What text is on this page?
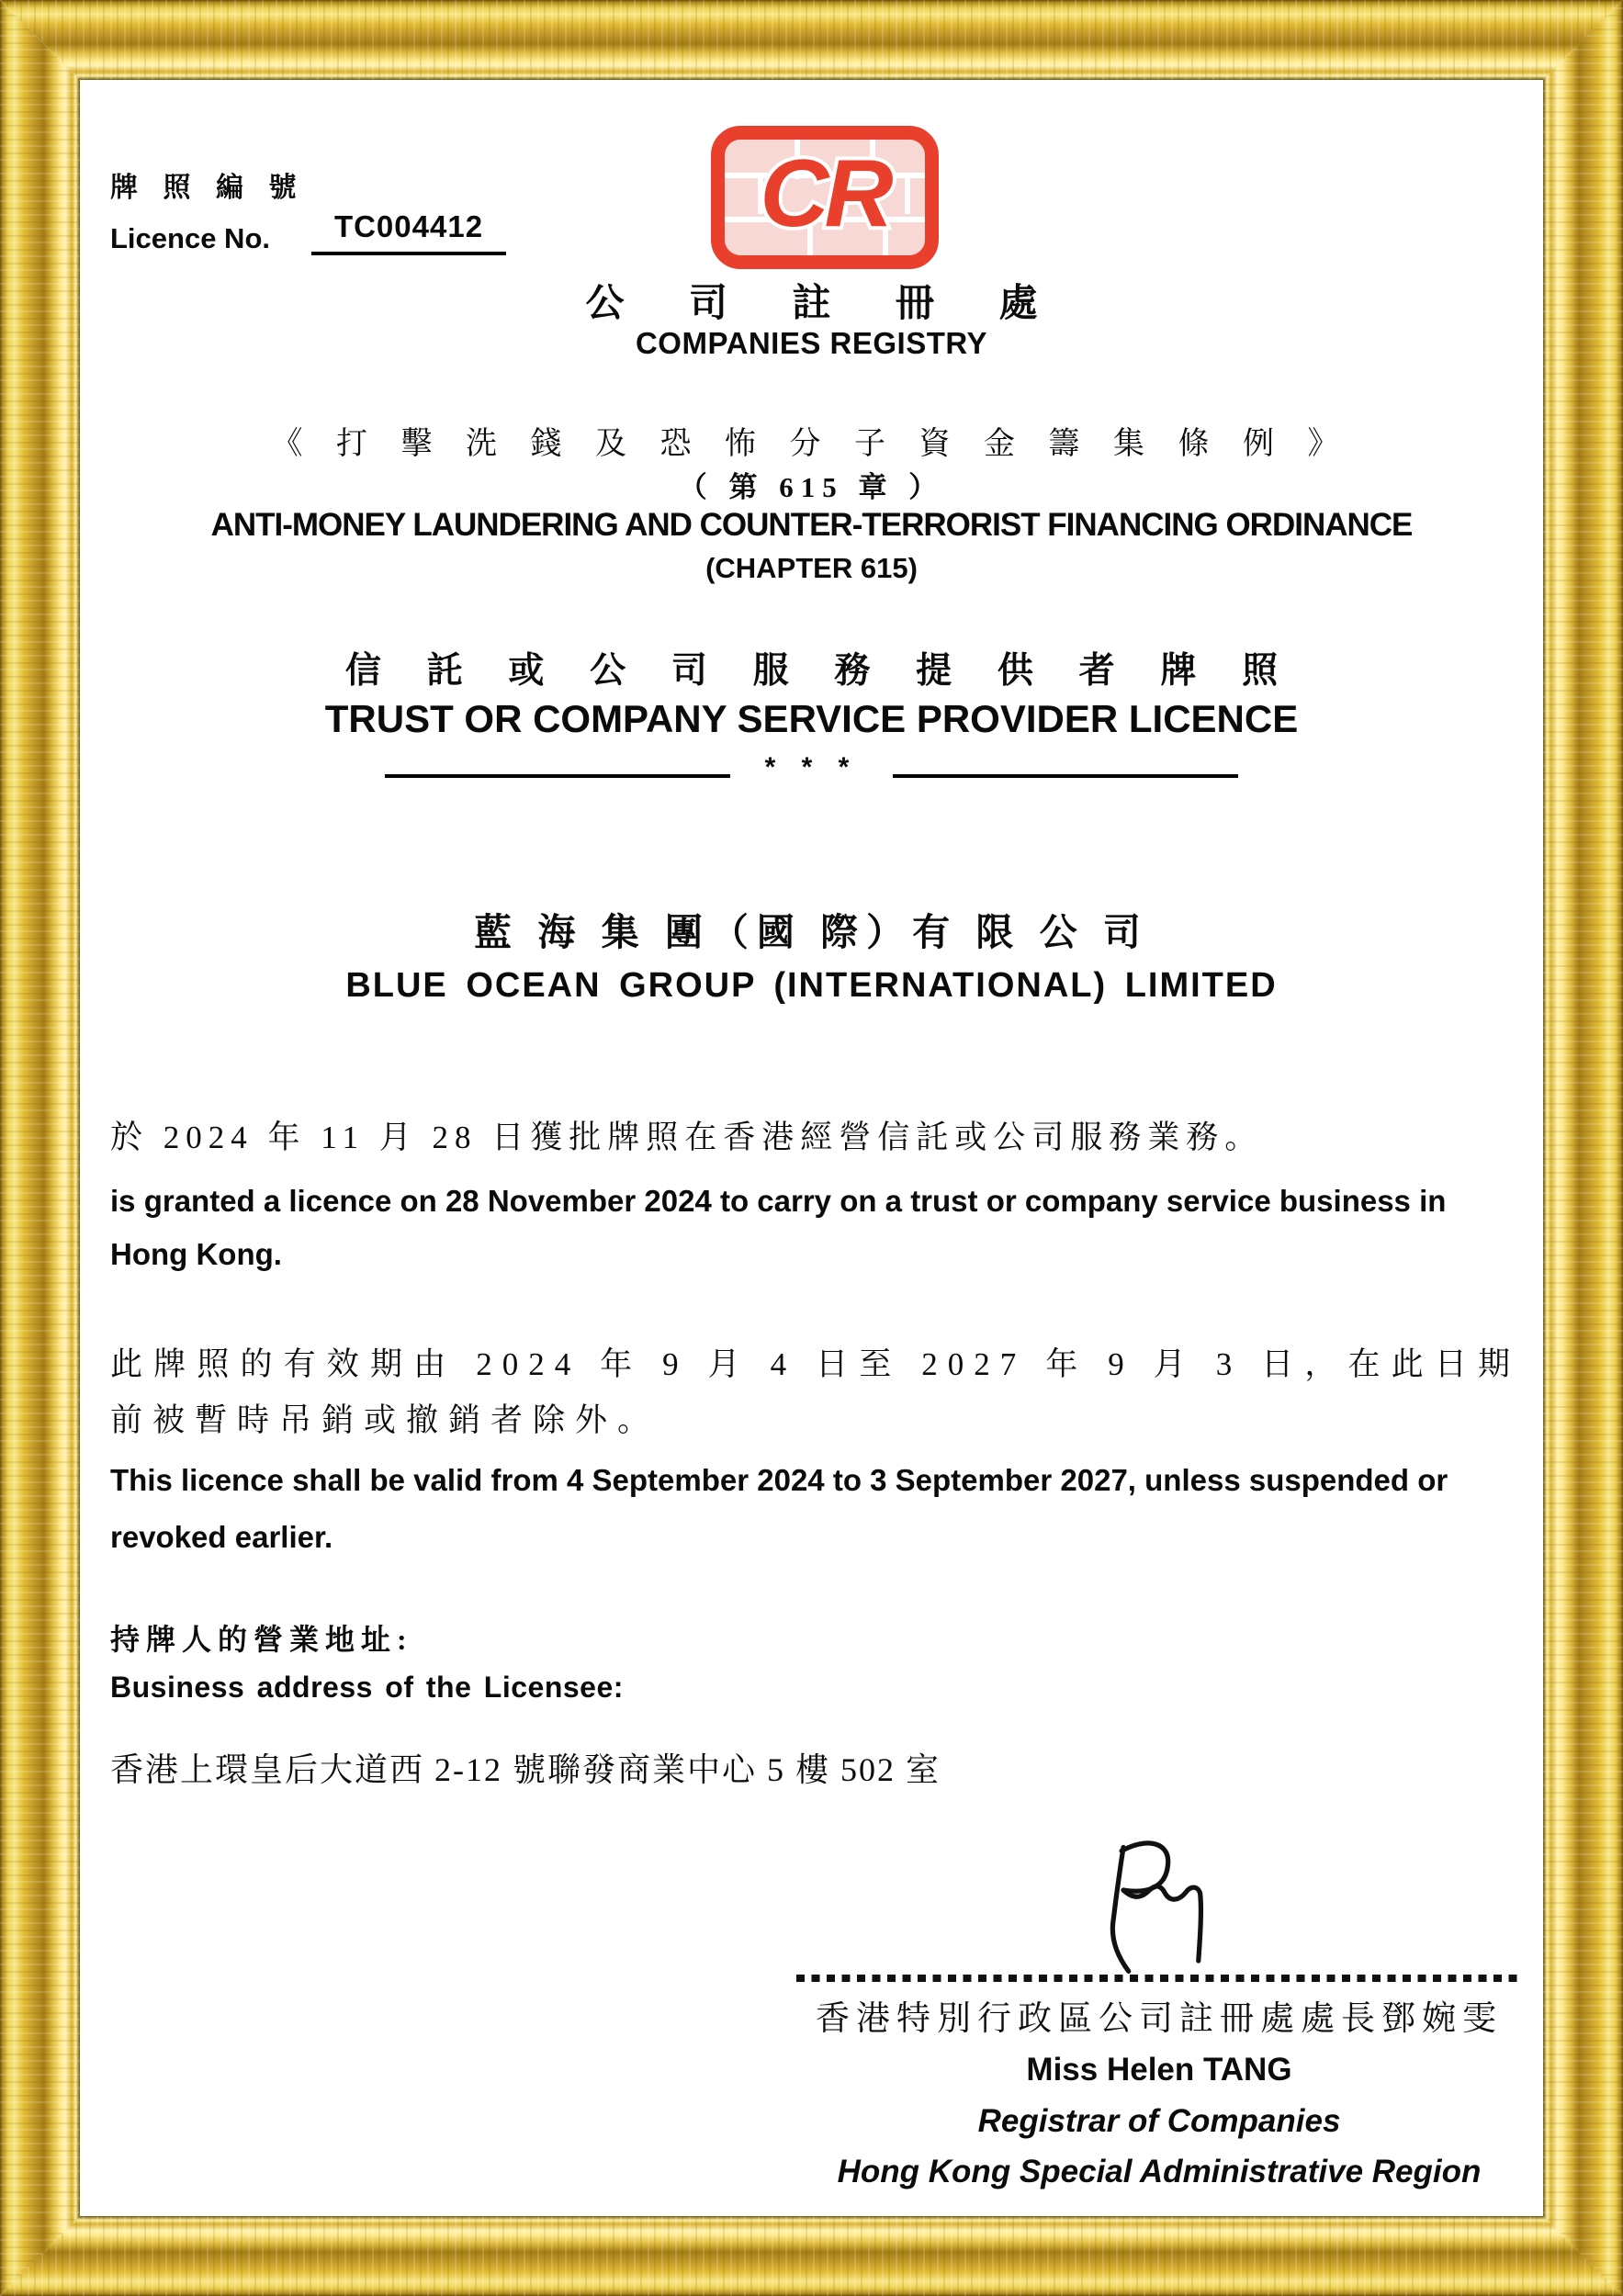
牌 照 編 號
Licence No.	TC004412	CR
公 司 註 冊 處
COMPANIES REGISTRY
《 打 擊 洗 錢 及 恐 怖 分 子 資 金 籌 集 條 例 》
（ 第 615 章 ）
ANTI-MONEY LAUNDERING AND COUNTER-TERRORIST FINANCING ORDINANCE
(CHAPTER 615)
信 託 或 公 司 服 務 提 供 者 牌 照
TRUST OR COMPANY SERVICE PROVIDER LICENCE
* * *
藍 海 集 團（國 際）有 限 公 司
BLUE OCEAN GROUP (INTERNATIONAL) LIMITED
於 2024 年 11 月 28 日獲批牌照在香港經營信託或公司服務業務。
is granted a licence on 28 November 2024 to carry on a trust or company service business in Hong Kong.
此牌照的有效期由 2024 年 9 月 4 日至 2027 年 9 月 3 日，在此日期前被暫時吊銷或撤銷者除外。
This licence shall be valid from 4 September 2024 to 3 September 2027, unless suspended or revoked earlier.
持牌人的營業地址:
Business address of the Licensee:
香港上環皇后大道西 2-12 號聯發商業中心 5 樓 502 室
香港特別行政區公司註冊處處長鄧婉雯
Miss Helen TANG
Registrar of Companies
Hong Kong Special Administrative Region
